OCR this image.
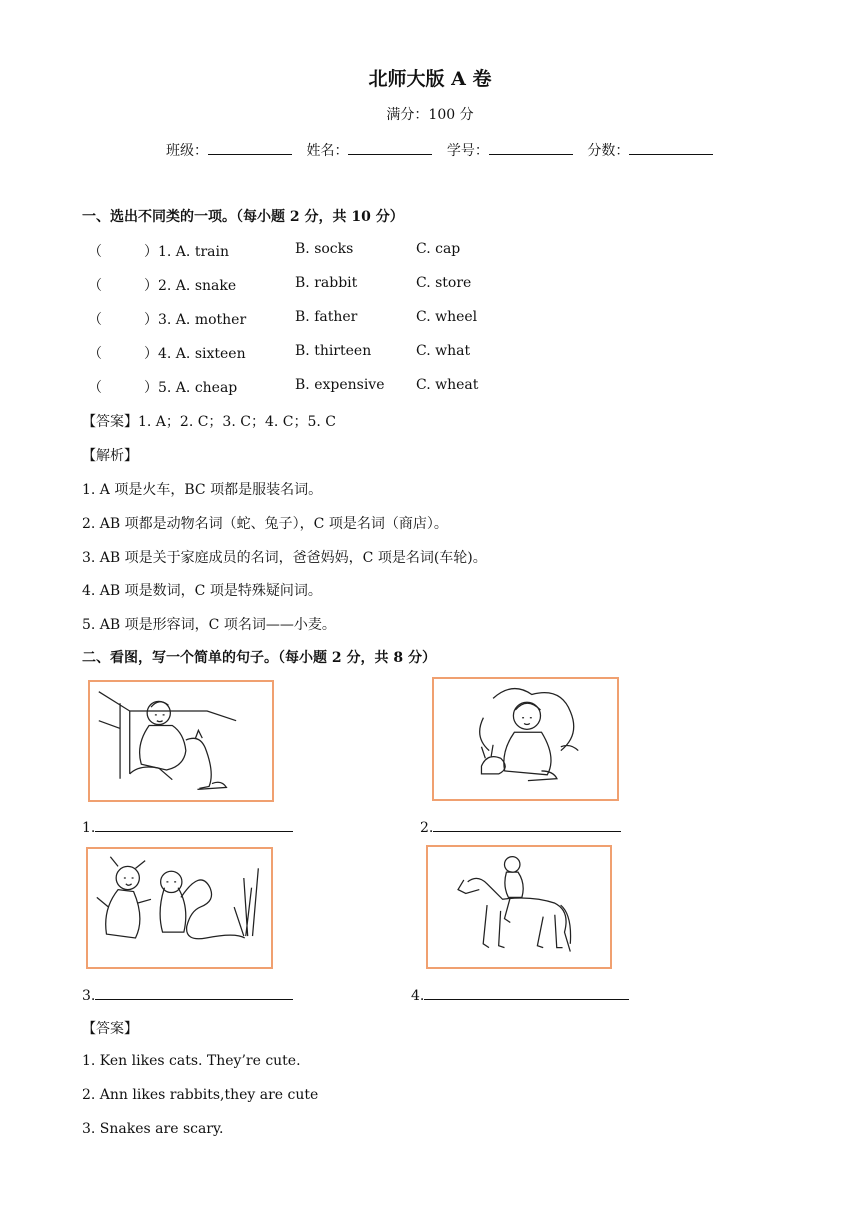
北师大版 A 卷
满分：100 分
班级：	姓名：	学号：	分数：
一、选出不同类的一项。（每小题 2 分，共 10 分）
（	）1. A. train	B. socks	C. cap
（	）2. A. snake	B. rabbit	C. store
（	）3. A. mother	B. father	C. wheel
（	）4. A. sixteen	B. thirteen	C. what
（	）5. A. cheap	B. expensive C. wheat
【答案】1. A；2. C；3. C；4. C；5. C
【解析】
1. A 项是火车，BC 项都是服装名词。
2. AB 项都是动物名词（蛇、兔子），C 项是名词（商店）。
3. AB 项是关于家庭成员的名词，爸爸妈妈，C 项是名词(车轮)。
4. AB 项是数词，C 项是特殊疑问词。
5. AB 项是形容词，C 项名词——小麦。
二、看图，写一个简单的句子。（每小题 2 分，共 8 分）
1.	2.
3.	4.
【答案】
1. Ken likes cats. They’re cute.
2. Ann likes rabbits,they are cute
3. Snakes are scary.
